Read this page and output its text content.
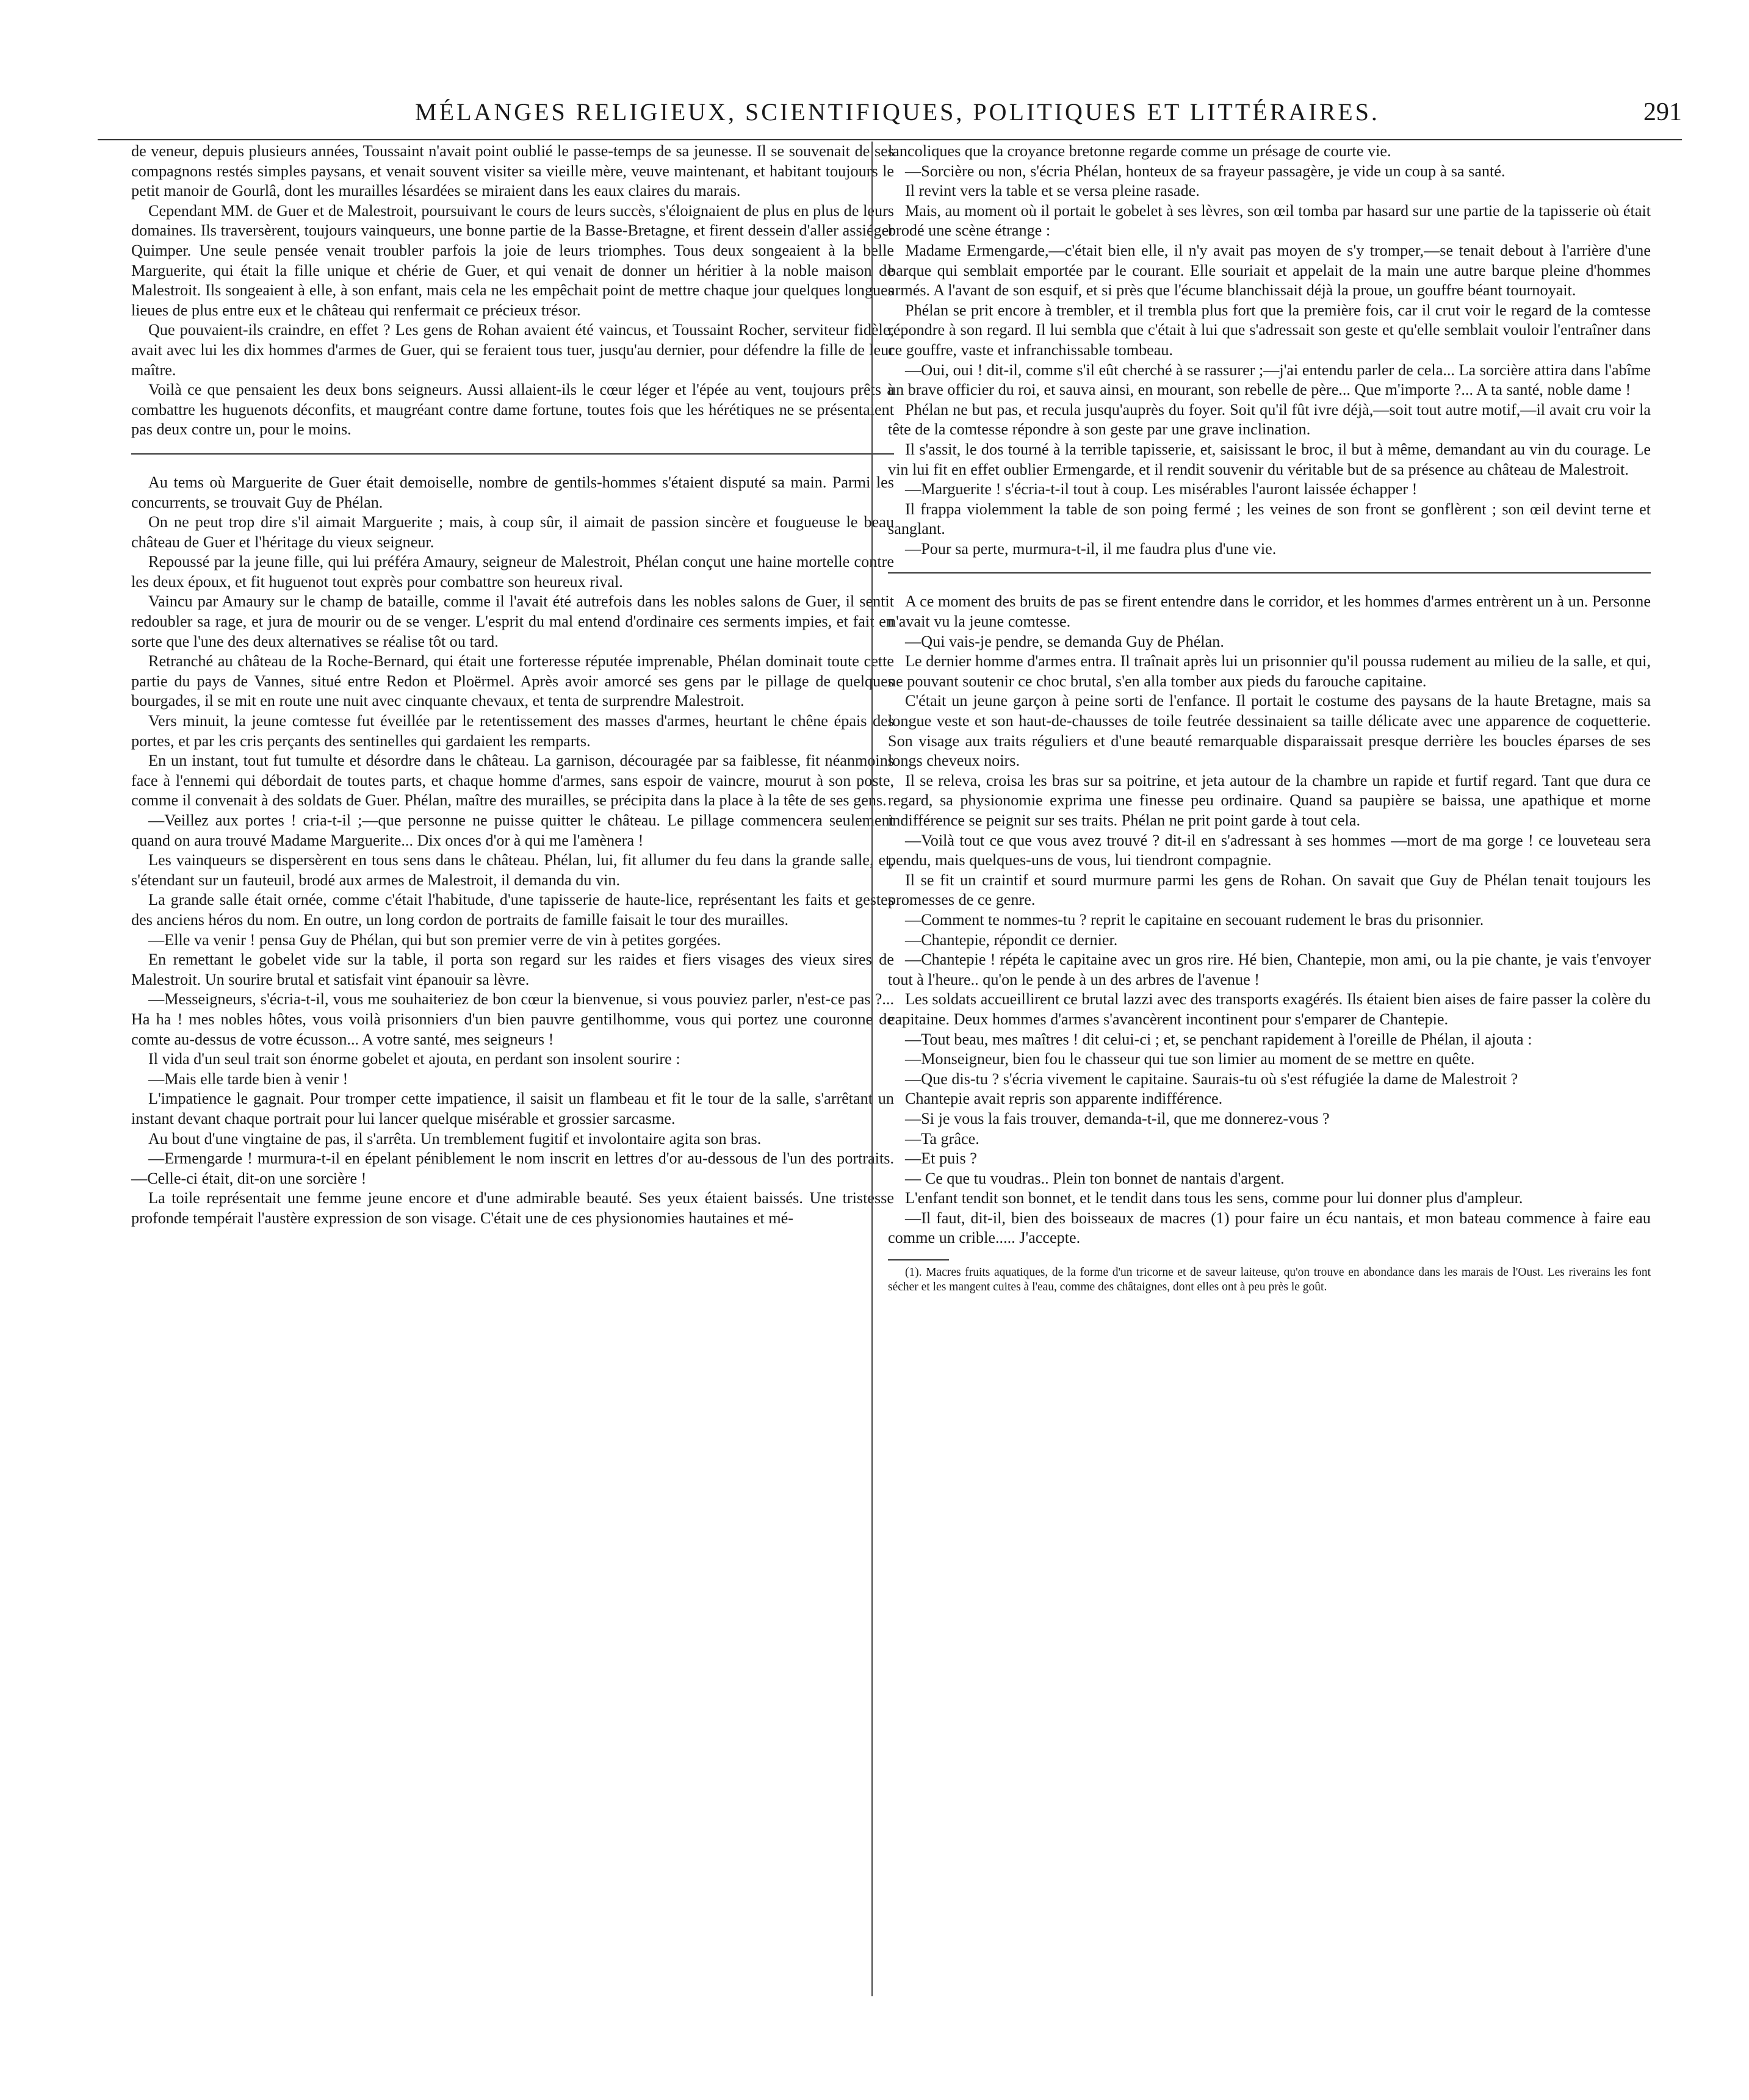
MÉLANGES RELIGIEUX, SCIENTIFIQUES, POLITIQUES ET LITTÉRAIRES.	291

de veneur, depuis plusieurs années, Toussaint n'avait point oublié le passe-temps de sa jeunesse. Il se souvenait de ses compagnons restés simples paysans, et venait souvent visiter sa vieille mère, veuve maintenant, et habitant toujours le petit manoir de Gourlâ, dont les murailles lésardées se miraient dans les eaux claires du marais.

Cependant MM. de Guer et de Malestroit, poursuivant le cours de leurs succès, s'éloignaient de plus en plus de leurs domaines. Ils traversèrent, toujours vainqueurs, une bonne partie de la Basse-Bretagne, et firent dessein d'aller assiéger Quimper. Une seule pensée venait troubler parfois la joie de leurs triomphes. Tous deux songeaient à la belle Marguerite, qui était la fille unique et chérie de Guer, et qui venait de donner un héritier à la noble maison de Malestroit. Ils songeaient à elle, à son enfant, mais cela ne les empêchait point de mettre chaque jour quelques longues lieues de plus entre eux et le château qui renfermait ce précieux trésor.

Que pouvaient-ils craindre, en effet ? Les gens de Rohan avaient été vaincus, et Toussaint Rocher, serviteur fidèle, avait avec lui les dix hommes d'armes de Guer, qui se feraient tous tuer, jusqu'au dernier, pour défendre la fille de leur maître.

Voilà ce que pensaient les deux bons seigneurs. Aussi allaient-ils le cœur léger et l'épée au vent, toujours prêts à combattre les huguenots déconfits, et maugréant contre dame fortune, toutes fois que les hérétiques ne se présentaient pas deux contre un, pour le moins.

Au tems où Marguerite de Guer était demoiselle, nombre de gentils-hommes s'étaient disputé sa main. Parmi les concurrents, se trouvait Guy de Phélan.

On ne peut trop dire s'il aimait Marguerite ; mais, à coup sûr, il aimait de passion sincère et fougueuse le beau château de Guer et l'héritage du vieux seigneur.

Repoussé par la jeune fille, qui lui préféra Amaury, seigneur de Malestroit, Phélan conçut une haine mortelle contre les deux époux, et fit huguenot tout exprès pour combattre son heureux rival.

Vaincu par Amaury sur le champ de bataille, comme il l'avait été autrefois dans les nobles salons de Guer, il sentit redoubler sa rage, et jura de mourir ou de se venger. L'esprit du mal entend d'ordinaire ces serments impies, et fait en sorte que l'une des deux alternatives se réalise tôt ou tard.

Retranché au château de la Roche-Bernard, qui était une forteresse réputée imprenable, Phélan dominait toute cette partie du pays de Vannes, situé entre Redon et Ploërmel. Après avoir amorcé ses gens par le pillage de quelques bourgades, il se mit en route une nuit avec cinquante chevaux, et tenta de surprendre Malestroit.

Vers minuit, la jeune comtesse fut éveillée par le retentissement des masses d'armes, heurtant le chêne épais des portes, et par les cris perçants des sentinelles qui gardaient les remparts.

En un instant, tout fut tumulte et désordre dans le château. La garnison, découragée par sa faiblesse, fit néanmoins face à l'ennemi qui débordait de toutes parts, et chaque homme d'armes, sans espoir de vaincre, mourut à son poste, comme il convenait à des soldats de Guer. Phélan, maître des murailles, se précipita dans la place à la tête de ses gens.

—Veillez aux portes ! cria-t-il ;—que personne ne puisse quitter le château. Le pillage commencera seulement quand on aura trouvé Madame Marguerite... Dix onces d'or à qui me l'amènera !

Les vainqueurs se dispersèrent en tous sens dans le château. Phélan, lui, fit allumer du feu dans la grande salle, et, s'étendant sur un fauteuil, brodé aux armes de Malestroit, il demanda du vin.

La grande salle était ornée, comme c'était l'habitude, d'une tapisserie de haute-lice, représentant les faits et gestes des anciens héros du nom. En outre, un long cordon de portraits de famille faisait le tour des murailles.

—Elle va venir ! pensa Guy de Phélan, qui but son premier verre de vin à petites gorgées.

En remettant le gobelet vide sur la table, il porta son regard sur les raides et fiers visages des vieux sires de Malestroit. Un sourire brutal et satisfait vint épanouir sa lèvre.

—Messeigneurs, s'écria-t-il, vous me souhaiteriez de bon cœur la bienvenue, si vous pouviez parler, n'est-ce pas ?... Ha ha ! mes nobles hôtes, vous voilà prisonniers d'un bien pauvre gentilhomme, vous qui portez une couronne de comte au-dessus de votre écusson... A votre santé, mes seigneurs !

Il vida d'un seul trait son énorme gobelet et ajouta, en perdant son insolent sourire :

—Mais elle tarde bien à venir !

L'impatience le gagnait. Pour tromper cette impatience, il saisit un flambeau et fit le tour de la salle, s'arrêtant un instant devant chaque portrait pour lui lancer quelque misérable et grossier sarcasme.

Au bout d'une vingtaine de pas, il s'arrêta. Un tremblement fugitif et involontaire agita son bras.

—Ermengarde ! murmura-t-il en épelant péniblement le nom inscrit en lettres d'or au-dessous de l'un des portraits.—Celle-ci était, dit-on une sorcière !

La toile représentait une femme jeune encore et d'une admirable beauté. Ses yeux étaient baissés. Une tristesse profonde tempérait l'austère expression de son visage. C'était une de ces physionomies hautaines et mé-

lancoliques que la croyance bretonne regarde comme un présage de courte vie.

—Sorcière ou non, s'écria Phélan, honteux de sa frayeur passagère, je vide un coup à sa santé.

Il revint vers la table et se versa pleine rasade.

Mais, au moment où il portait le gobelet à ses lèvres, son œil tomba par hasard sur une partie de la tapisserie où était brodé une scène étrange :

Madame Ermengarde,—c'était bien elle, il n'y avait pas moyen de s'y tromper,—se tenait debout à l'arrière d'une barque qui semblait emportée par le courant. Elle souriait et appelait de la main une autre barque pleine d'hommes armés. A l'avant de son esquif, et si près que l'écume blanchissait déjà la proue, un gouffre béant tournoyait.

Phélan se prit encore à trembler, et il trembla plus fort que la première fois, car il crut voir le regard de la comtesse répondre à son regard. Il lui sembla que c'était à lui que s'adressait son geste et qu'elle semblait vouloir l'entraîner dans ce gouffre, vaste et infranchissable tombeau.

—Oui, oui ! dit-il, comme s'il eût cherché à se rassurer ;—j'ai entendu parler de cela... La sorcière attira dans l'abîme un brave officier du roi, et sauva ainsi, en mourant, son rebelle de père... Que m'importe ?... A ta santé, noble dame !

Phélan ne but pas, et recula jusqu'auprès du foyer. Soit qu'il fût ivre déjà,—soit tout autre motif,—il avait cru voir la tête de la comtesse répondre à son geste par une grave inclination.

Il s'assit, le dos tourné à la terrible tapisserie, et, saisissant le broc, il but à même, demandant au vin du courage. Le vin lui fit en effet oublier Ermengarde, et il rendit souvenir du véritable but de sa présence au château de Malestroit.

—Marguerite ! s'écria-t-il tout à coup. Les misérables l'auront laissée échapper !

Il frappa violemment la table de son poing fermé ; les veines de son front se gonflèrent ; son œil devint terne et sanglant.

—Pour sa perte, murmura-t-il, il me faudra plus d'une vie.

A ce moment des bruits de pas se firent entendre dans le corridor, et les hommes d'armes entrèrent un à un. Personne n'avait vu la jeune comtesse.

—Qui vais-je pendre, se demanda Guy de Phélan.

Le dernier homme d'armes entra. Il traînait après lui un prisonnier qu'il poussa rudement au milieu de la salle, et qui, ne pouvant soutenir ce choc brutal, s'en alla tomber aux pieds du farouche capitaine.

C'était un jeune garçon à peine sorti de l'enfance. Il portait le costume des paysans de la haute Bretagne, mais sa longue veste et son haut-de-chausses de toile feutrée dessinaient sa taille délicate avec une apparence de coquetterie. Son visage aux traits réguliers et d'une beauté remarquable disparaissait presque derrière les boucles éparses de ses longs cheveux noirs.

Il se releva, croisa les bras sur sa poitrine, et jeta autour de la chambre un rapide et furtif regard. Tant que dura ce regard, sa physionomie exprima une finesse peu ordinaire. Quand sa paupière se baissa, une apathique et morne indifférence se peignit sur ses traits. Phélan ne prit point garde à tout cela.

—Voilà tout ce que vous avez trouvé ? dit-il en s'adressant à ses hommes —mort de ma gorge ! ce louveteau sera pendu, mais quelques-uns de vous, lui tiendront compagnie.

Il se fit un craintif et sourd murmure parmi les gens de Rohan. On savait que Guy de Phélan tenait toujours les promesses de ce genre.

—Comment te nommes-tu ? reprit le capitaine en secouant rudement le bras du prisonnier.

—Chantepie, répondit ce dernier.

—Chantepie ! répéta le capitaine avec un gros rire. Hé bien, Chantepie, mon ami, ou la pie chante, je vais t'envoyer tout à l'heure.. qu'on le pende à un des arbres de l'avenue !

Les soldats accueillirent ce brutal lazzi avec des transports exagérés. Ils étaient bien aises de faire passer la colère du capitaine. Deux hommes d'armes s'avancèrent incontinent pour s'emparer de Chantepie.

—Tout beau, mes maîtres ! dit celui-ci ; et, se penchant rapidement à l'oreille de Phélan, il ajouta :

—Monseigneur, bien fou le chasseur qui tue son limier au moment de se mettre en quête.

—Que dis-tu ? s'écria vivement le capitaine. Saurais-tu où s'est réfugiée la dame de Malestroit ?

Chantepie avait repris son apparente indifférence.

—Si je vous la fais trouver, demanda-t-il, que me donnerez-vous ?

—Ta grâce.

—Et puis ?

— Ce que tu voudras.. Plein ton bonnet de nantais d'argent.

L'enfant tendit son bonnet, et le tendit dans tous les sens, comme pour lui donner plus d'ampleur.

—Il faut, dit-il, bien des boisseaux de macres (1) pour faire un écu nantais, et mon bateau commence à faire eau comme un crible..... J'accepte.

(1). Macres fruits aquatiques, de la forme d'un tricorne et de saveur laiteuse, qu'on trouve en abondance dans les marais de l'Oust. Les riverains les font sécher et les mangent cuites à l'eau, comme des châtaignes, dont elles ont à peu près le goût.
